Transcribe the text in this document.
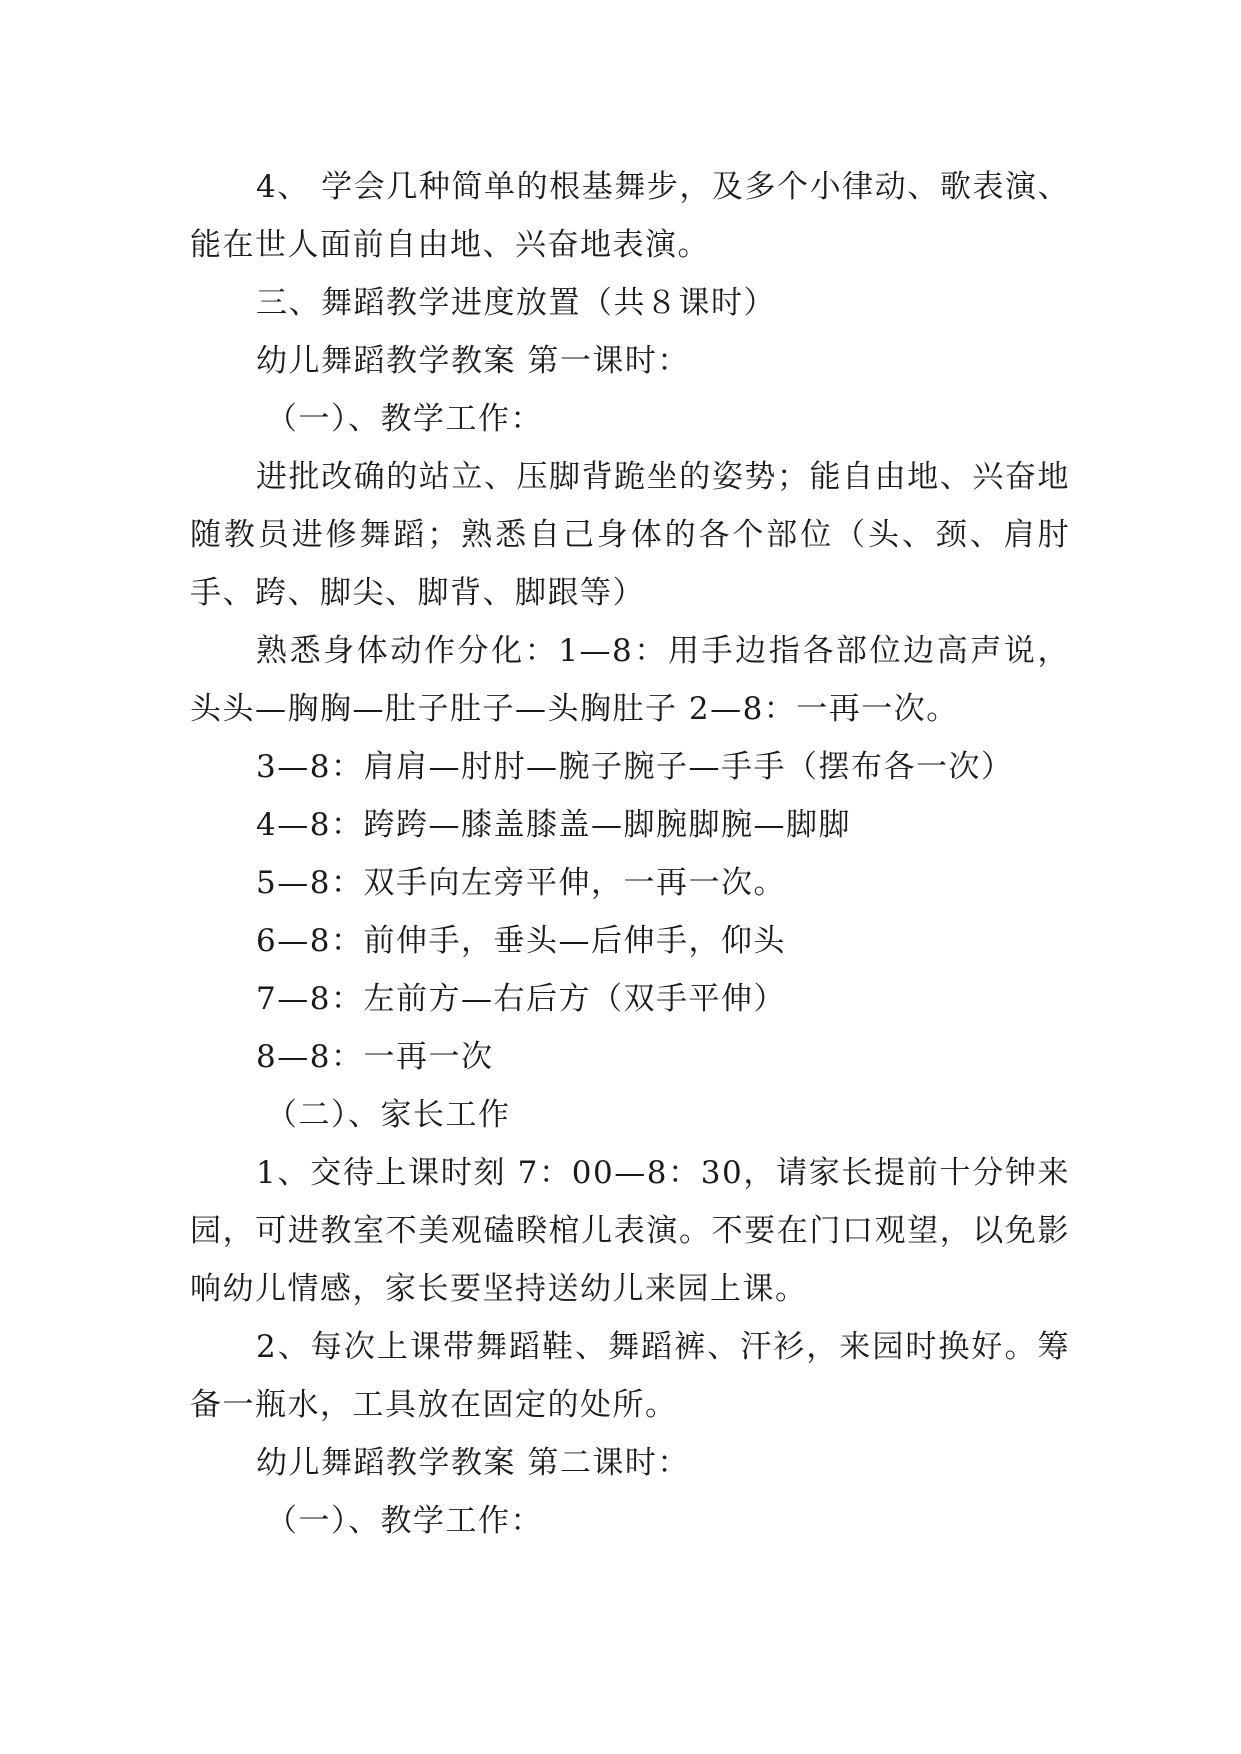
4、 学会几种简单的根基舞步，及多个小律动、歌表演、能在世人面前自由地、兴奋地表演。

三、舞蹈教学进度放置（共８课时）

幼儿舞蹈教学教案 第一课时：

（一）、教学工作：

进批改确的站立、压脚背跪坐的姿势；能自由地、兴奋地随教员进修舞蹈；熟悉自己身体的各个部位（头、颈、肩肘手、跨、脚尖、脚背、脚跟等）

熟悉身体动作分化：1—8：用手边指各部位边高声说，头头—胸胸—肚子肚子—头胸肚子 2—8：一再一次。

3—8：肩肩—肘肘—腕子腕子—手手（摆布各一次）

4—8：跨跨—膝盖膝盖—脚腕脚腕—脚脚

5—8：双手向左旁平伸，一再一次。

6—8：前伸手，垂头—后伸手，仰头

7—8：左前方—右后方（双手平伸）

8—8：一再一次

（二）、家长工作

1、交待上课时刻 7：00—8：30，请家长提前十分钟来园，可进教室不美观磕睽棺儿表演。不要在门口观望，以免影响幼儿情感，家长要坚持送幼儿来园上课。

2、每次上课带舞蹈鞋、舞蹈裤、汗衫，来园时换好。筹备一瓶水，工具放在固定的处所。

幼儿舞蹈教学教案 第二课时：

（一）、教学工作：
